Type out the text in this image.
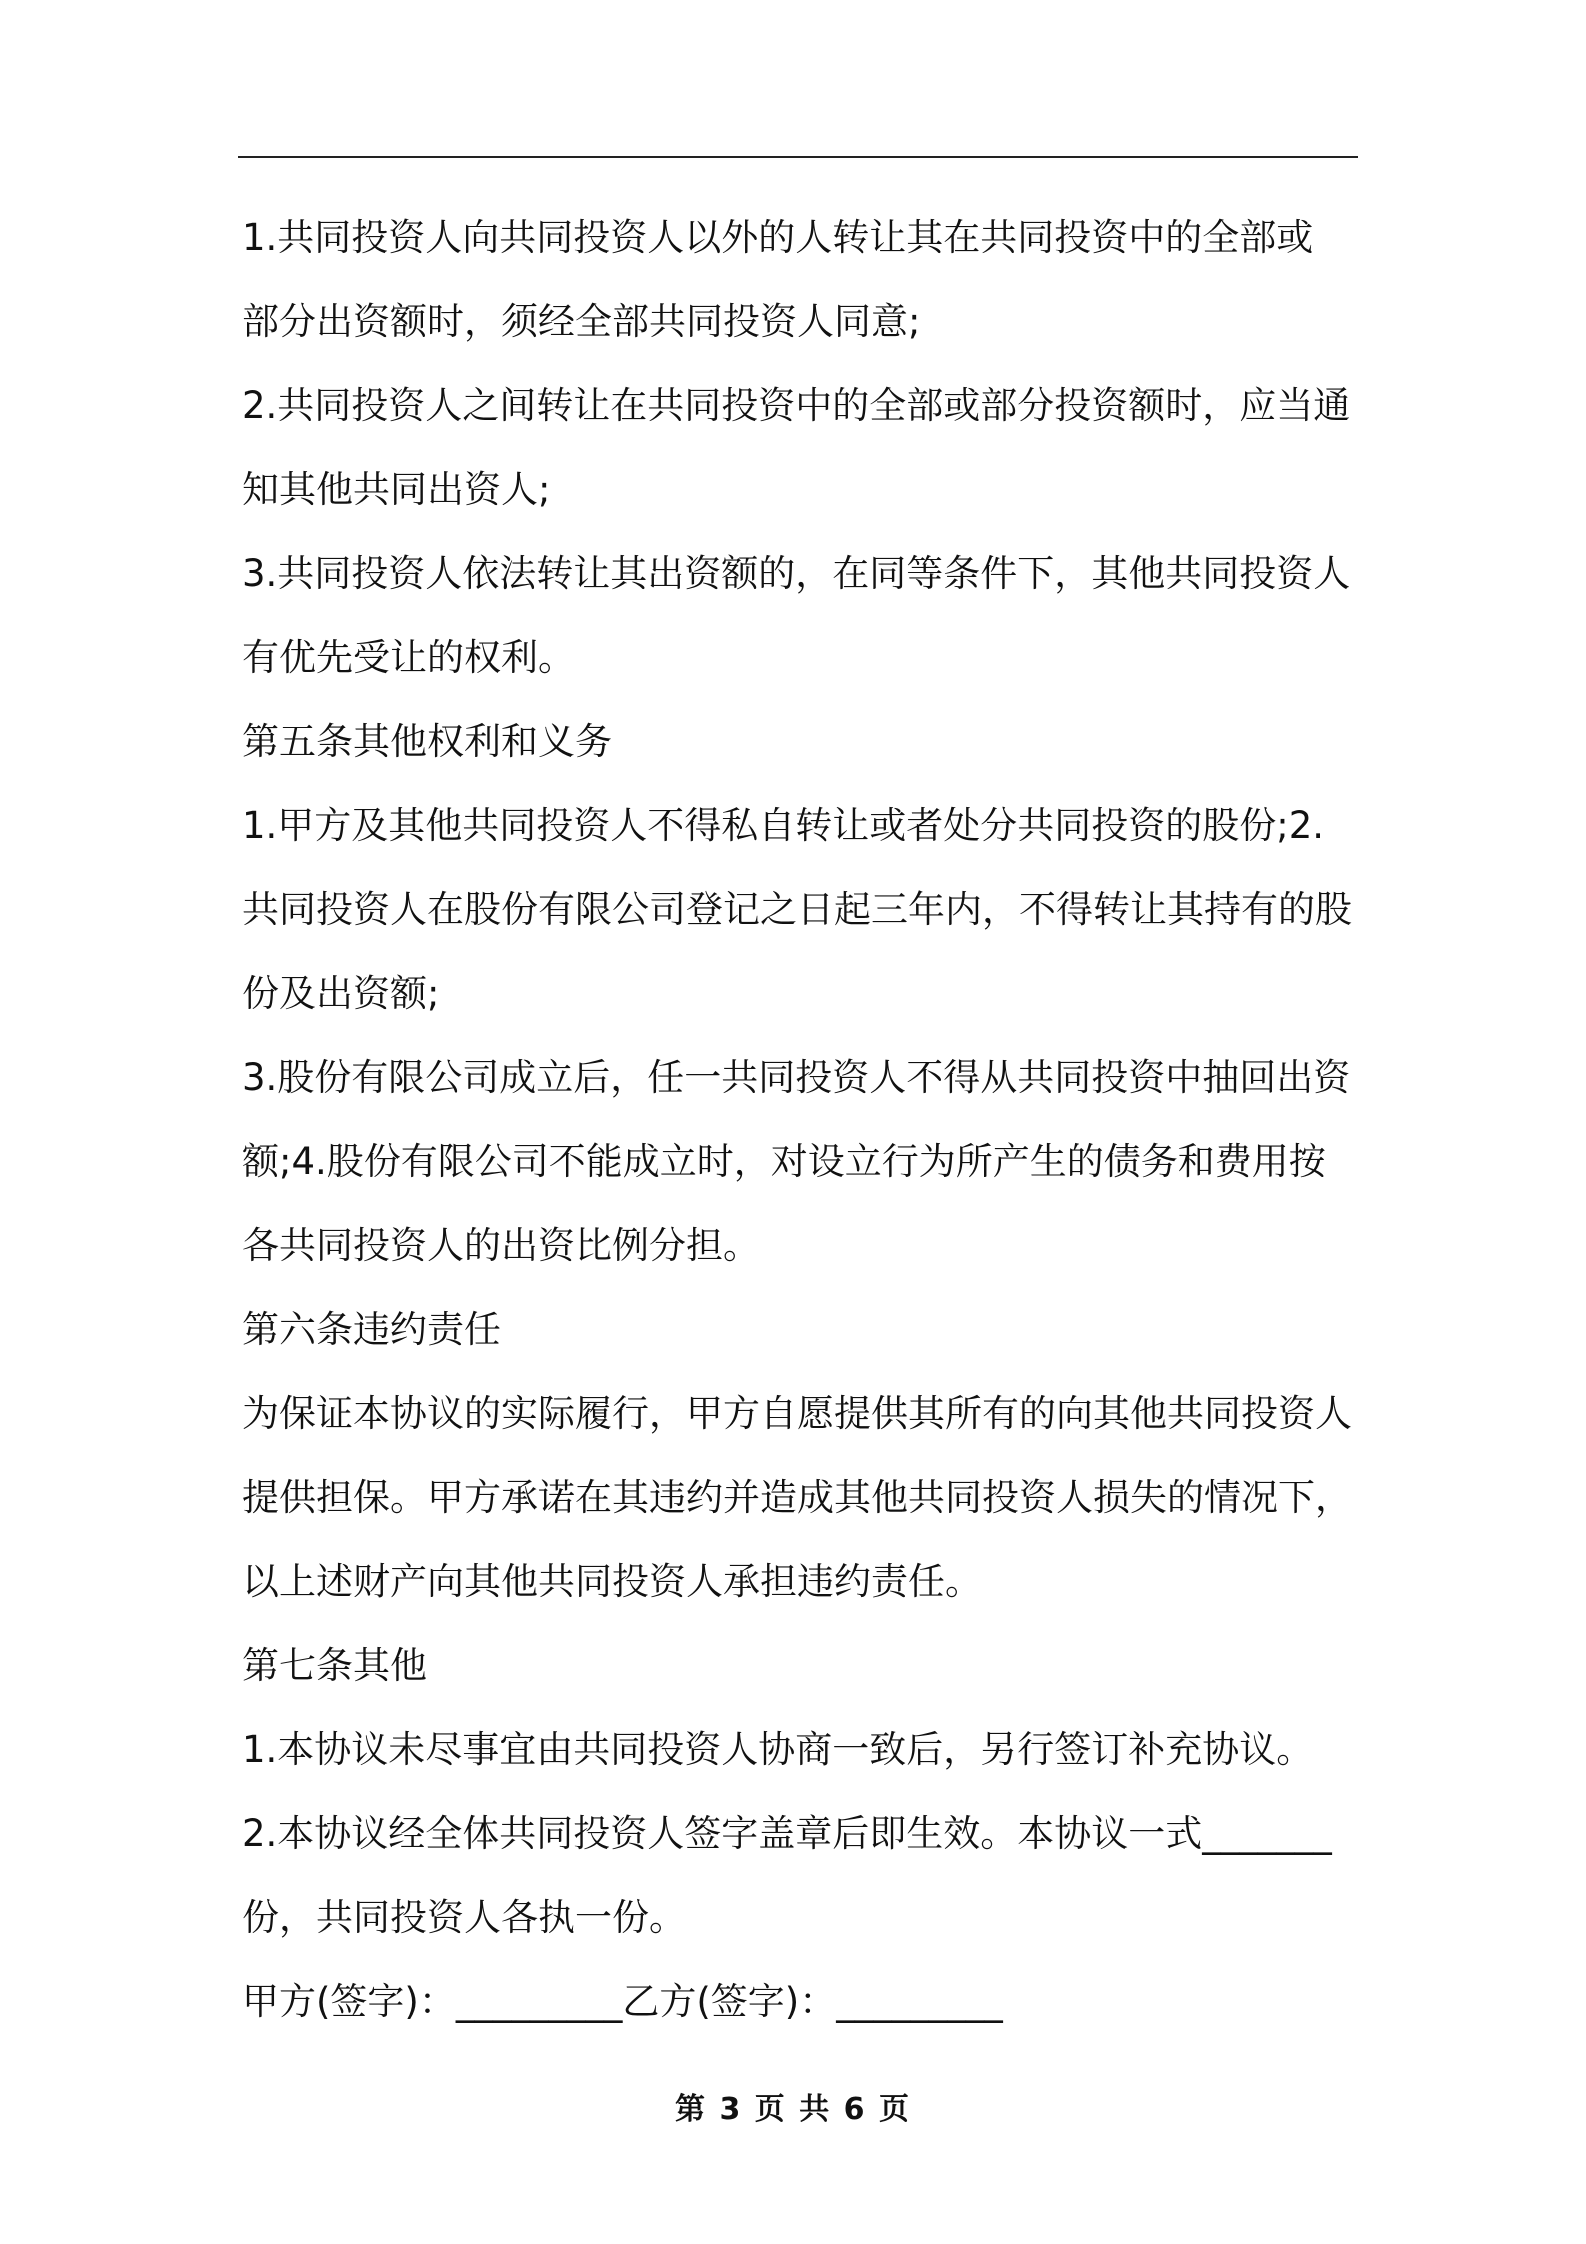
1.共同投资人向共同投资人以外的人转让其在共同投资中的全部或
部分出资额时，须经全部共同投资人同意;
2.共同投资人之间转让在共同投资中的全部或部分投资额时，应当通
知其他共同出资人;
3.共同投资人依法转让其出资额的，在同等条件下，其他共同投资人
有优先受让的权利。
第五条其他权利和义务
1.甲方及其他共同投资人不得私自转让或者处分共同投资的股份;2.
共同投资人在股份有限公司登记之日起三年内，不得转让其持有的股
份及出资额;
3.股份有限公司成立后，任一共同投资人不得从共同投资中抽回出资
额;4.股份有限公司不能成立时，对设立行为所产生的债务和费用按
各共同投资人的出资比例分担。
第六条违约责任
为保证本协议的实际履行，甲方自愿提供其所有的向其他共同投资人
提供担保。甲方承诺在其违约并造成其他共同投资人损失的情况下，
以上述财产向其他共同投资人承担违约责任。
第七条其他
1.本协议未尽事宜由共同投资人协商一致后，另行签订补充协议。
2.本协议经全体共同投资人签字盖章后即生效。本协议一式_______
份，共同投资人各执一份。
甲方(签字)：_________乙方(签字)：_________
第 3 页 共 6 页
